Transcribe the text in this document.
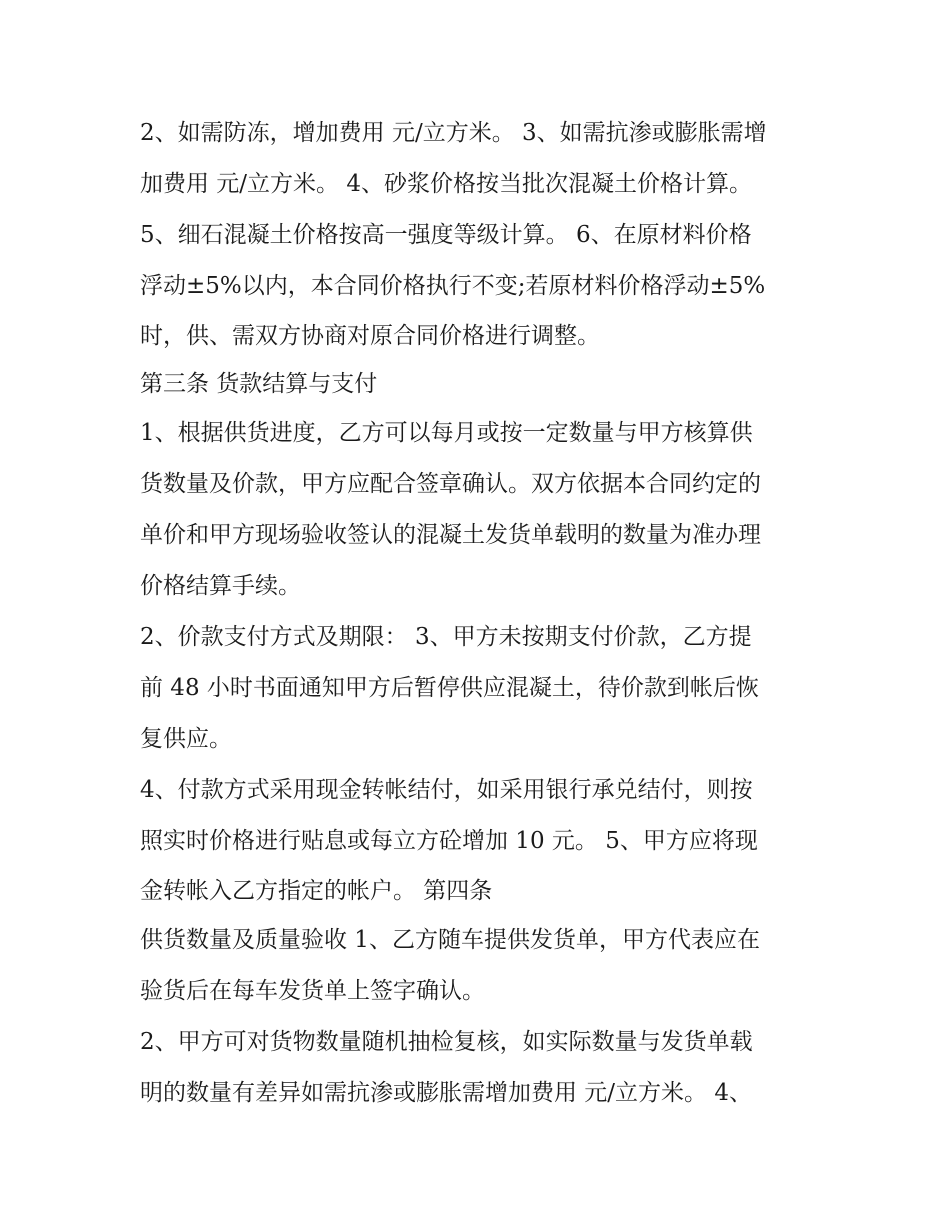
2、如需防冻，增加费用 元/立方米。 3、如需抗渗或膨胀需增
加费用 元/立方米。 4、砂浆价格按当批次混凝土价格计算。
5、细石混凝土价格按高一强度等级计算。 6、在原材料价格
浮动±5%以内，本合同价格执行不变;若原材料价格浮动±5%
时，供、需双方协商对原合同价格进行调整。
第三条 货款结算与支付
1、根据供货进度，乙方可以每月或按一定数量与甲方核算供
货数量及价款，甲方应配合签章确认。双方依据本合同约定的
单价和甲方现场验收签认的混凝土发货单载明的数量为准办理
价格结算手续。
2、价款支付方式及期限： 3、甲方未按期支付价款，乙方提
前 48 小时书面通知甲方后暂停供应混凝土，待价款到帐后恢
复供应。
4、付款方式采用现金转帐结付，如采用银行承兑结付，则按
照实时价格进行贴息或每立方砼增加 10 元。 5、甲方应将现
金转帐入乙方指定的帐户。 第四条
供货数量及质量验收 1、乙方随车提供发货单，甲方代表应在
验货后在每车发货单上签字确认。
2、甲方可对货物数量随机抽检复核，如实际数量与发货单载
明的数量有差异如需抗渗或膨胀需增加费用 元/立方米。 4、
